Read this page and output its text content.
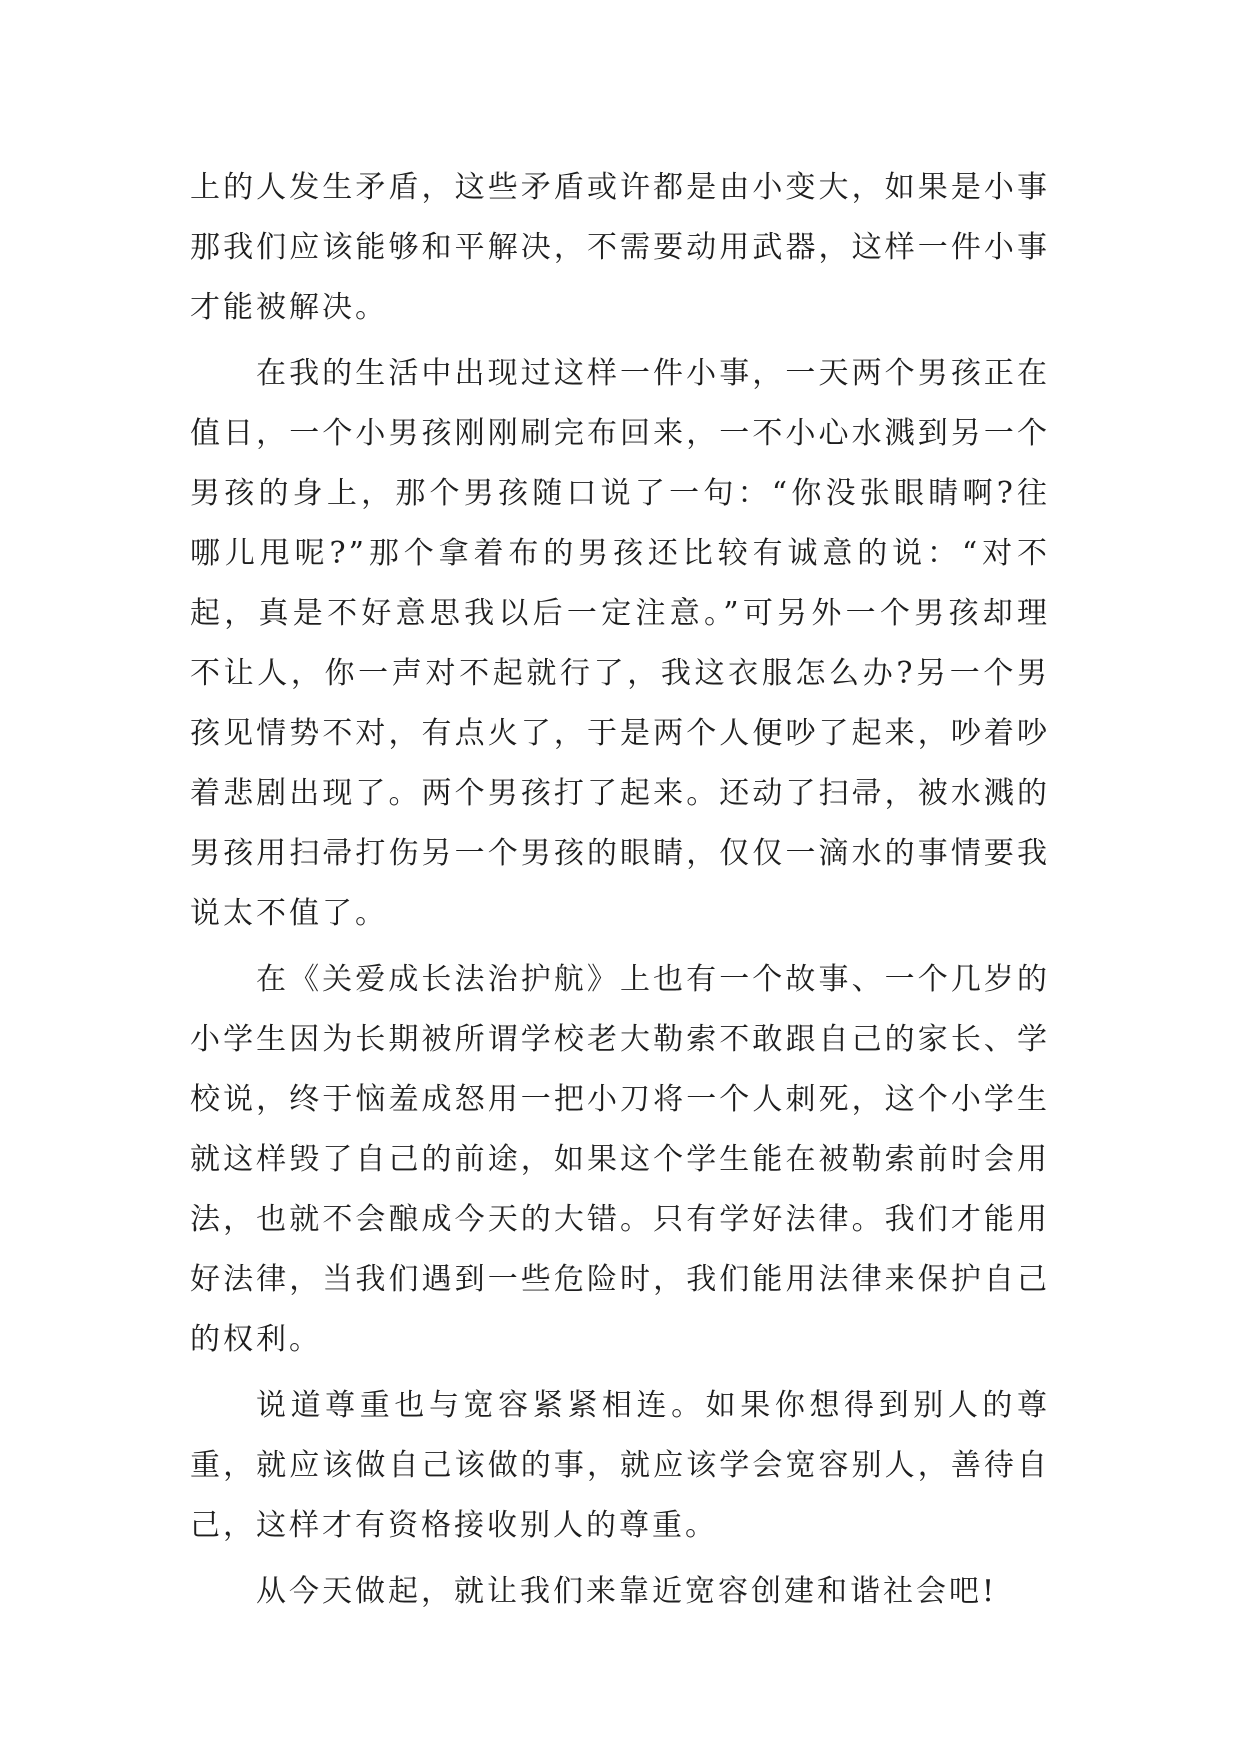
上的人发生矛盾，这些矛盾或许都是由小变大，如果是小事那我们应该能够和平解决，不需要动用武器，这样一件小事才能被解决。

在我的生活中出现过这样一件小事，一天两个男孩正在值日，一个小男孩刚刚刷完布回来，一不小心水溅到另一个男孩的身上，那个男孩随口说了一句：“你没张眼睛啊?往哪儿甩呢?”那个拿着布的男孩还比较有诚意的说：“对不起，真是不好意思我以后一定注意。”可另外一个男孩却理不让人，你一声对不起就行了，我这衣服怎么办?另一个男孩见情势不对，有点火了，于是两个人便吵了起来，吵着吵着悲剧出现了。两个男孩打了起来。还动了扫帚，被水溅的男孩用扫帚打伤另一个男孩的眼睛，仅仅一滴水的事情要我说太不值了。

在《关爱成长法治护航》上也有一个故事、一个几岁的小学生因为长期被所谓学校老大勒索不敢跟自己的家长、学校说，终于恼羞成怒用一把小刀将一个人刺死，这个小学生就这样毁了自己的前途，如果这个学生能在被勒索前时会用法，也就不会酿成今天的大错。只有学好法律。我们才能用好法律，当我们遇到一些危险时，我们能用法律来保护自己的权利。

说道尊重也与宽容紧紧相连。如果你想得到别人的尊重，就应该做自己该做的事，就应该学会宽容别人，善待自己，这样才有资格接收别人的尊重。

从今天做起，就让我们来靠近宽容创建和谐社会吧!
